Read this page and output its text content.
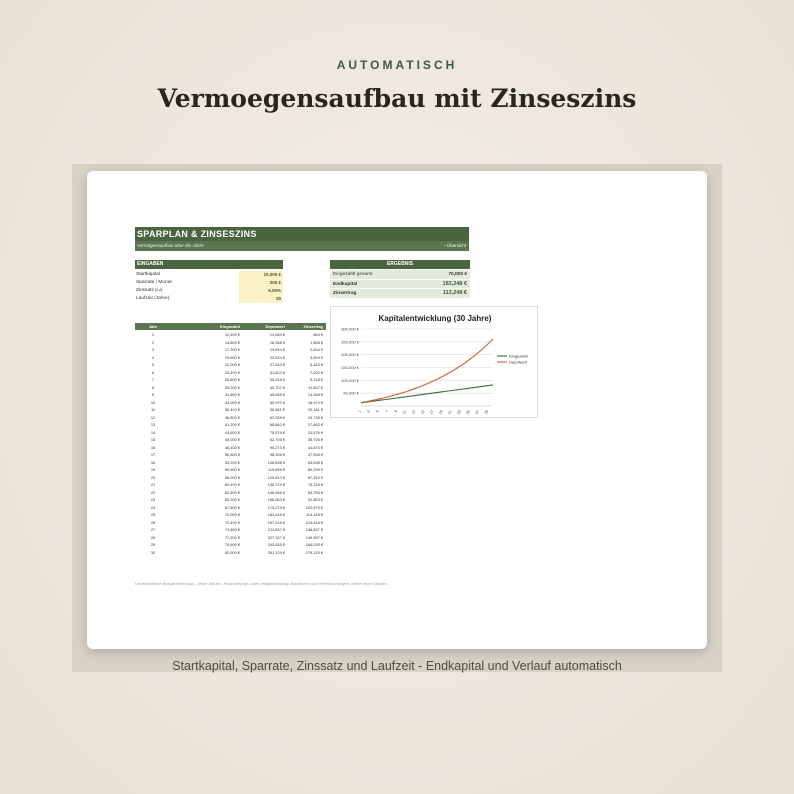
AUTOMATISCH
Vermoegensaufbau mit Zinseszins
SPARPLAN & ZINSESZINS
Vermögensaufbau über die Jahre	‹ Übersicht
EINGABEN
Startkapital	10,000 €
Sparrate / Monat	200 €
Zinssatz p.a.	6.00%
Laufzeit (Jahre)	25
ERGEBNIS
Eingezahlt gesamt	70,000 €
Endkapital	183,248 €
Zinsertrag	113,248 €
Jahr	Eingezahlt	Depotwert	Zinsertrag
1	12,400 €	13,064 €	664 €
2	14,800 €	16,358 €	1,558 €
3	17,200 €	19,834 €	2,634 €
4	19,600 €	23,524 €	3,924 €
5	22,000 €	27,443 €	5,443 €
6	24,400 €	31,602 €	7,202 €
7	26,800 €	36,018 €	9,218 €
8	29,200 €	40,707 €	11,507 €
9	31,600 €	45,685 €	14,085 €
10	34,000 €	50,970 €	16,970 €
11	36,400 €	56,581 €	20,181 €
12	38,800 €	62,538 €	23,738 €
13	41,200 €	68,862 €	27,662 €
14	43,600 €	75,576 €	31,976 €
15	46,000 €	82,705 €	36,705 €
16	48,400 €	90,273 €	41,873 €
17	50,800 €	98,308 €	47,508 €
18	53,200 €	106,838 €	53,638 €
19	55,600 €	115,895 €	60,295 €
20	58,000 €	125,510 €	67,510 €
21	60,400 €	135,719 €	75,319 €
22	62,800 €	146,556 €	83,756 €
23	65,200 €	158,063 €	92,863 €
24	67,600 €	170,279 €	102,679 €
25	70,000 €	183,248 €	113,248 €
26	72,400 €	197,018 €	124,618 €
27	74,800 €	211,637 €	136,837 €
28	77,200 €	227,157 €	149,957 €
29	79,600 €	243,635 €	164,035 €
30	82,000 €	261,129 €	179,129 €
Kapitalentwicklung (30 Jahre)
50,000 €
100,000 €
150,000 €
200,000 €
250,000 €
300,000 €
1 3 5 7 9 11 13 15 17 19 21 23 25 27 29
Eingezahlt
Depotwert
Unverbindliche Beispielrechnung – keine Steuer-, Finanzierungs- oder Anlageberatung. Annahmen und Vereinfachungen; Werte ohne Gewähr.
Startkapital, Sparrate, Zinssatz und Laufzeit - Endkapital und Verlauf automatisch
